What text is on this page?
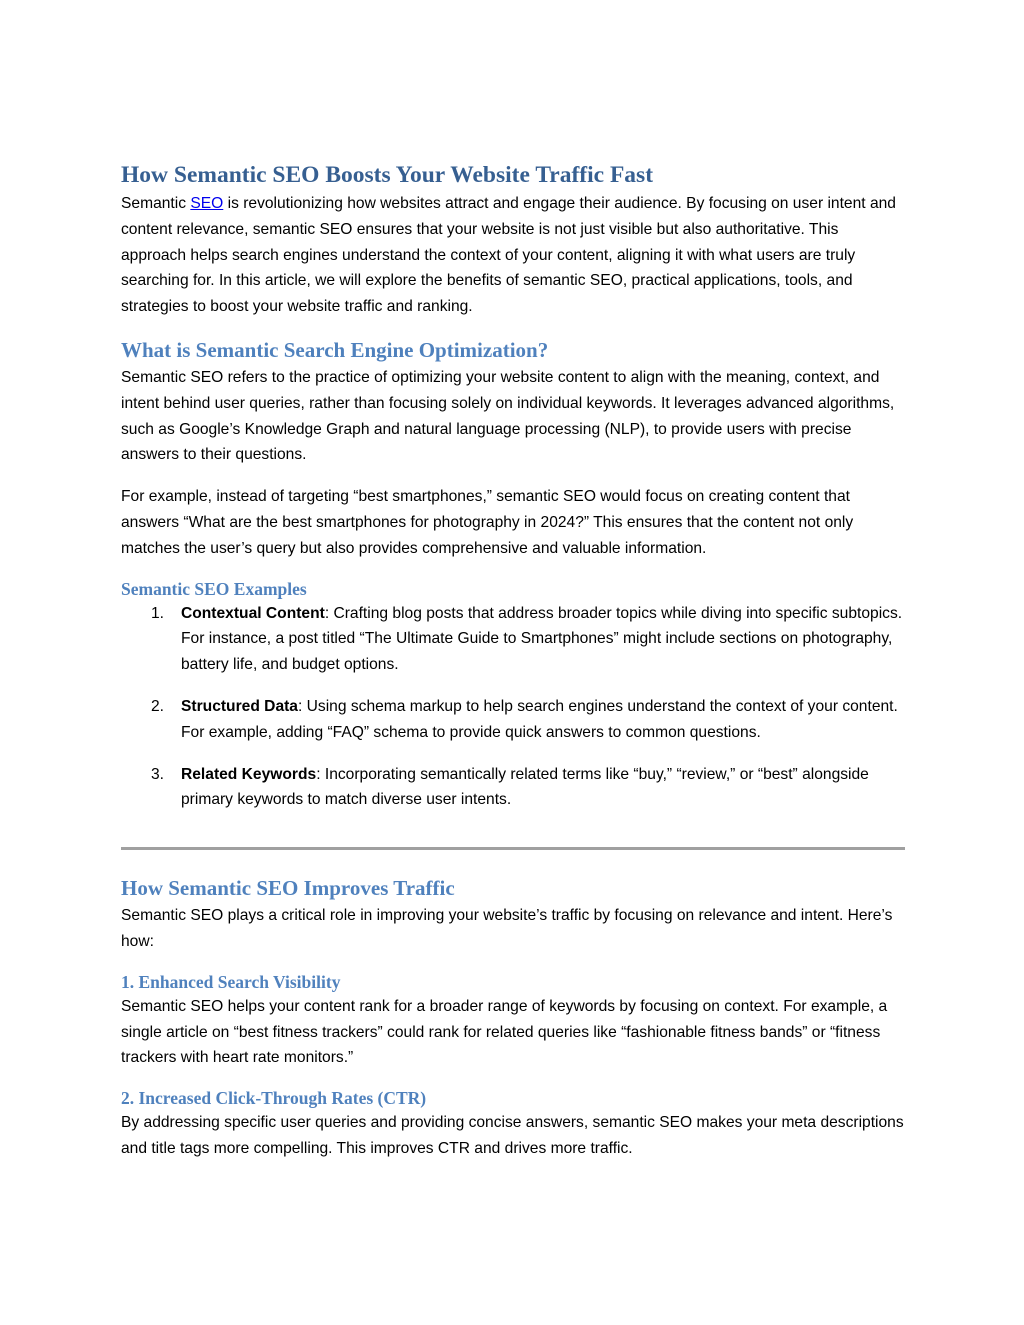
How Semantic SEO Boosts Your Website Traffic Fast

Semantic SEO is revolutionizing how websites attract and engage their audience. By focusing on user intent and content relevance, semantic SEO ensures that your website is not just visible but also authoritative. This approach helps search engines understand the context of your content, aligning it with what users are truly searching for. In this article, we will explore the benefits of semantic SEO, practical applications, tools, and strategies to boost your website traffic and ranking.

What is Semantic Search Engine Optimization?

Semantic SEO refers to the practice of optimizing your website content to align with the meaning, context, and intent behind user queries, rather than focusing solely on individual keywords. It leverages advanced algorithms, such as Google’s Knowledge Graph and natural language processing (NLP), to provide users with precise answers to their questions.

For example, instead of targeting “best smartphones,” semantic SEO would focus on creating content that answers “What are the best smartphones for photography in 2024?” This ensures that the content not only matches the user’s query but also provides comprehensive and valuable information.

Semantic SEO Examples
1. Contextual Content: Crafting blog posts that address broader topics while diving into specific subtopics. For instance, a post titled “The Ultimate Guide to Smartphones” might include sections on photography, battery life, and budget options.
2. Structured Data: Using schema markup to help search engines understand the context of your content. For example, adding “FAQ” schema to provide quick answers to common questions.
3. Related Keywords: Incorporating semantically related terms like “buy,” “review,” or “best” alongside primary keywords to match diverse user intents.
How Semantic SEO Improves Traffic

Semantic SEO plays a critical role in improving your website’s traffic by focusing on relevance and intent. Here’s how:

1. Enhanced Search Visibility

Semantic SEO helps your content rank for a broader range of keywords by focusing on context. For example, a single article on “best fitness trackers” could rank for related queries like “fashionable fitness bands” or “fitness trackers with heart rate monitors.”

2. Increased Click-Through Rates (CTR)

By addressing specific user queries and providing concise answers, semantic SEO makes your meta descriptions and title tags more compelling. This improves CTR and drives more traffic.
